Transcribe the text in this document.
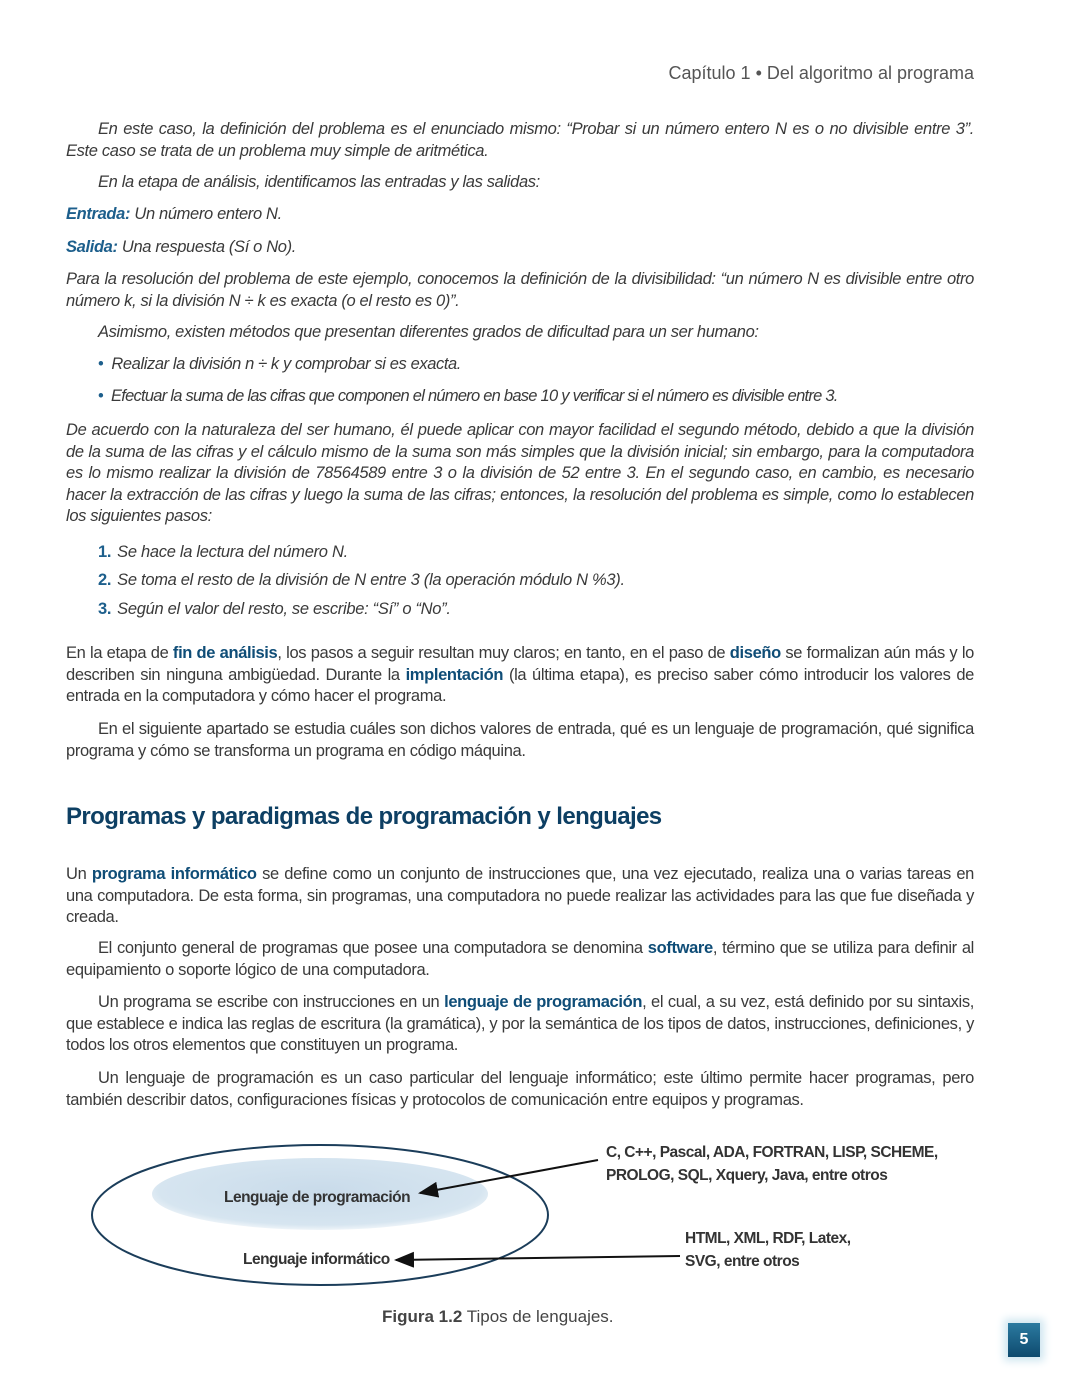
Capítulo 1 • Del algoritmo al programa

En este caso, la definición del problema es el enunciado mismo: “Probar si un número entero N es o no divisible entre 3”. Este caso se trata de un problema muy simple de aritmética.

En la etapa de análisis, identificamos las entradas y las salidas:

Entrada: Un número entero N.

Salida: Una respuesta (Sí o No).

Para la resolución del problema de este ejemplo, conocemos la definición de la divisibilidad: “un número N es divisible entre otro número k, si la división N ÷ k es exacta (o el resto es 0)”.

Asimismo, existen métodos que presentan diferentes grados de dificultad para un ser humano:

• Realizar la división n ÷ k y comprobar si es exacta.
• Efectuar la suma de las cifras que componen el número en base 10 y verificar si el número es divisible entre 3.

De acuerdo con la naturaleza del ser humano, él puede aplicar con mayor facilidad el segundo método, debido a que la división de la suma de las cifras y el cálculo mismo de la suma son más simples que la división inicial; sin embargo, para la computadora es lo mismo realizar la división de 78564589 entre 3 o la división de 52 entre 3. En el segundo caso, en cambio, es necesario hacer la extracción de las cifras y luego la suma de las cifras; entonces, la resolución del problema es simple, como lo establecen los siguientes pasos:

1. Se hace la lectura del número N.
2. Se toma el resto de la división de N entre 3 (la operación módulo N %3).
3. Según el valor del resto, se escribe: “Sí” o “No”.

En la etapa de fin de análisis, los pasos a seguir resultan muy claros; en tanto, en el paso de diseño se formalizan aún más y lo describen sin ninguna ambigüedad. Durante la implentación (la última etapa), es preciso saber cómo introducir los valores de entrada en la computadora y cómo hacer el programa.

En el siguiente apartado se estudia cuáles son dichos valores de entrada, qué es un lenguaje de programación, qué significa programa y cómo se transforma un programa en código máquina.

Programas y paradigmas de programación y lenguajes

Un programa informático se define como un conjunto de instrucciones que, una vez ejecutado, realiza una o varias tareas en una computadora. De esta forma, sin programas, una computadora no puede realizar las actividades para las que fue diseñada y creada.

El conjunto general de programas que posee una computadora se denomina software, término que se utiliza para definir al equipamiento o soporte lógico de una computadora.

Un programa se escribe con instrucciones en un lenguaje de programación, el cual, a su vez, está definido por su sintaxis, que establece e indica las reglas de escritura (la gramática), y por la semántica de los tipos de datos, instrucciones, definiciones, y todos los otros elementos que constituyen un programa.

Un lenguaje de programación es un caso particular del lenguaje informático; este último permite hacer programas, pero también describir datos, configuraciones físicas y protocolos de comunicación entre equipos y programas.

Lenguaje de programación
Lenguaje informático
C, C++, Pascal, ADA, FORTRAN, LISP, SCHEME,
PROLOG, SQL, Xquery, Java, entre otros
HTML, XML, RDF, Latex,
SVG, entre otros
Figura 1.2 Tipos de lenguajes.
5
